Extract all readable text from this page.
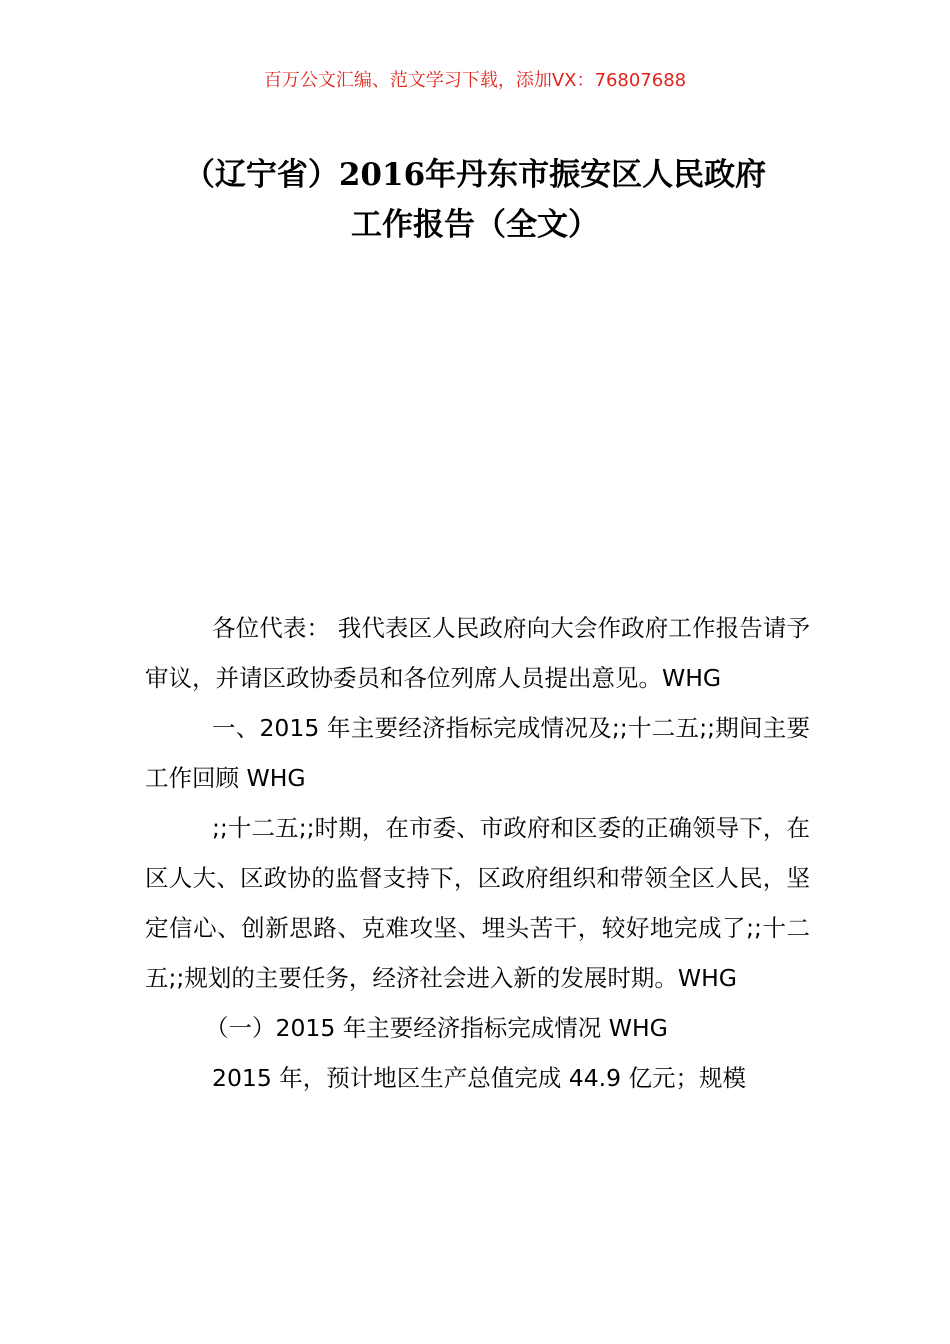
百万公文汇编、范文学习下载，添加VX：76807688
（辽宁省）2016年丹东市振安区人民政府
工作报告（全文）

各位代表： 我代表区人民政府向大会作政府工作报告请予审议，并请区政协委员和各位列席人员提出意见。WHG

一、2015 年主要经济指标完成情况及;;十二五;;期间主要工作回顾 WHG

;;十二五;;时期，在市委、市政府和区委的正确领导下，在区人大、区政协的监督支持下，区政府组织和带领全区人民，坚定信心、创新思路、克难攻坚、埋头苦干，较好地完成了;;十二五;;规划的主要任务，经济社会进入新的发展时期。WHG

（一）2015 年主要经济指标完成情况 WHG

2015 年，预计地区生产总值完成 44.9 亿元；规模
